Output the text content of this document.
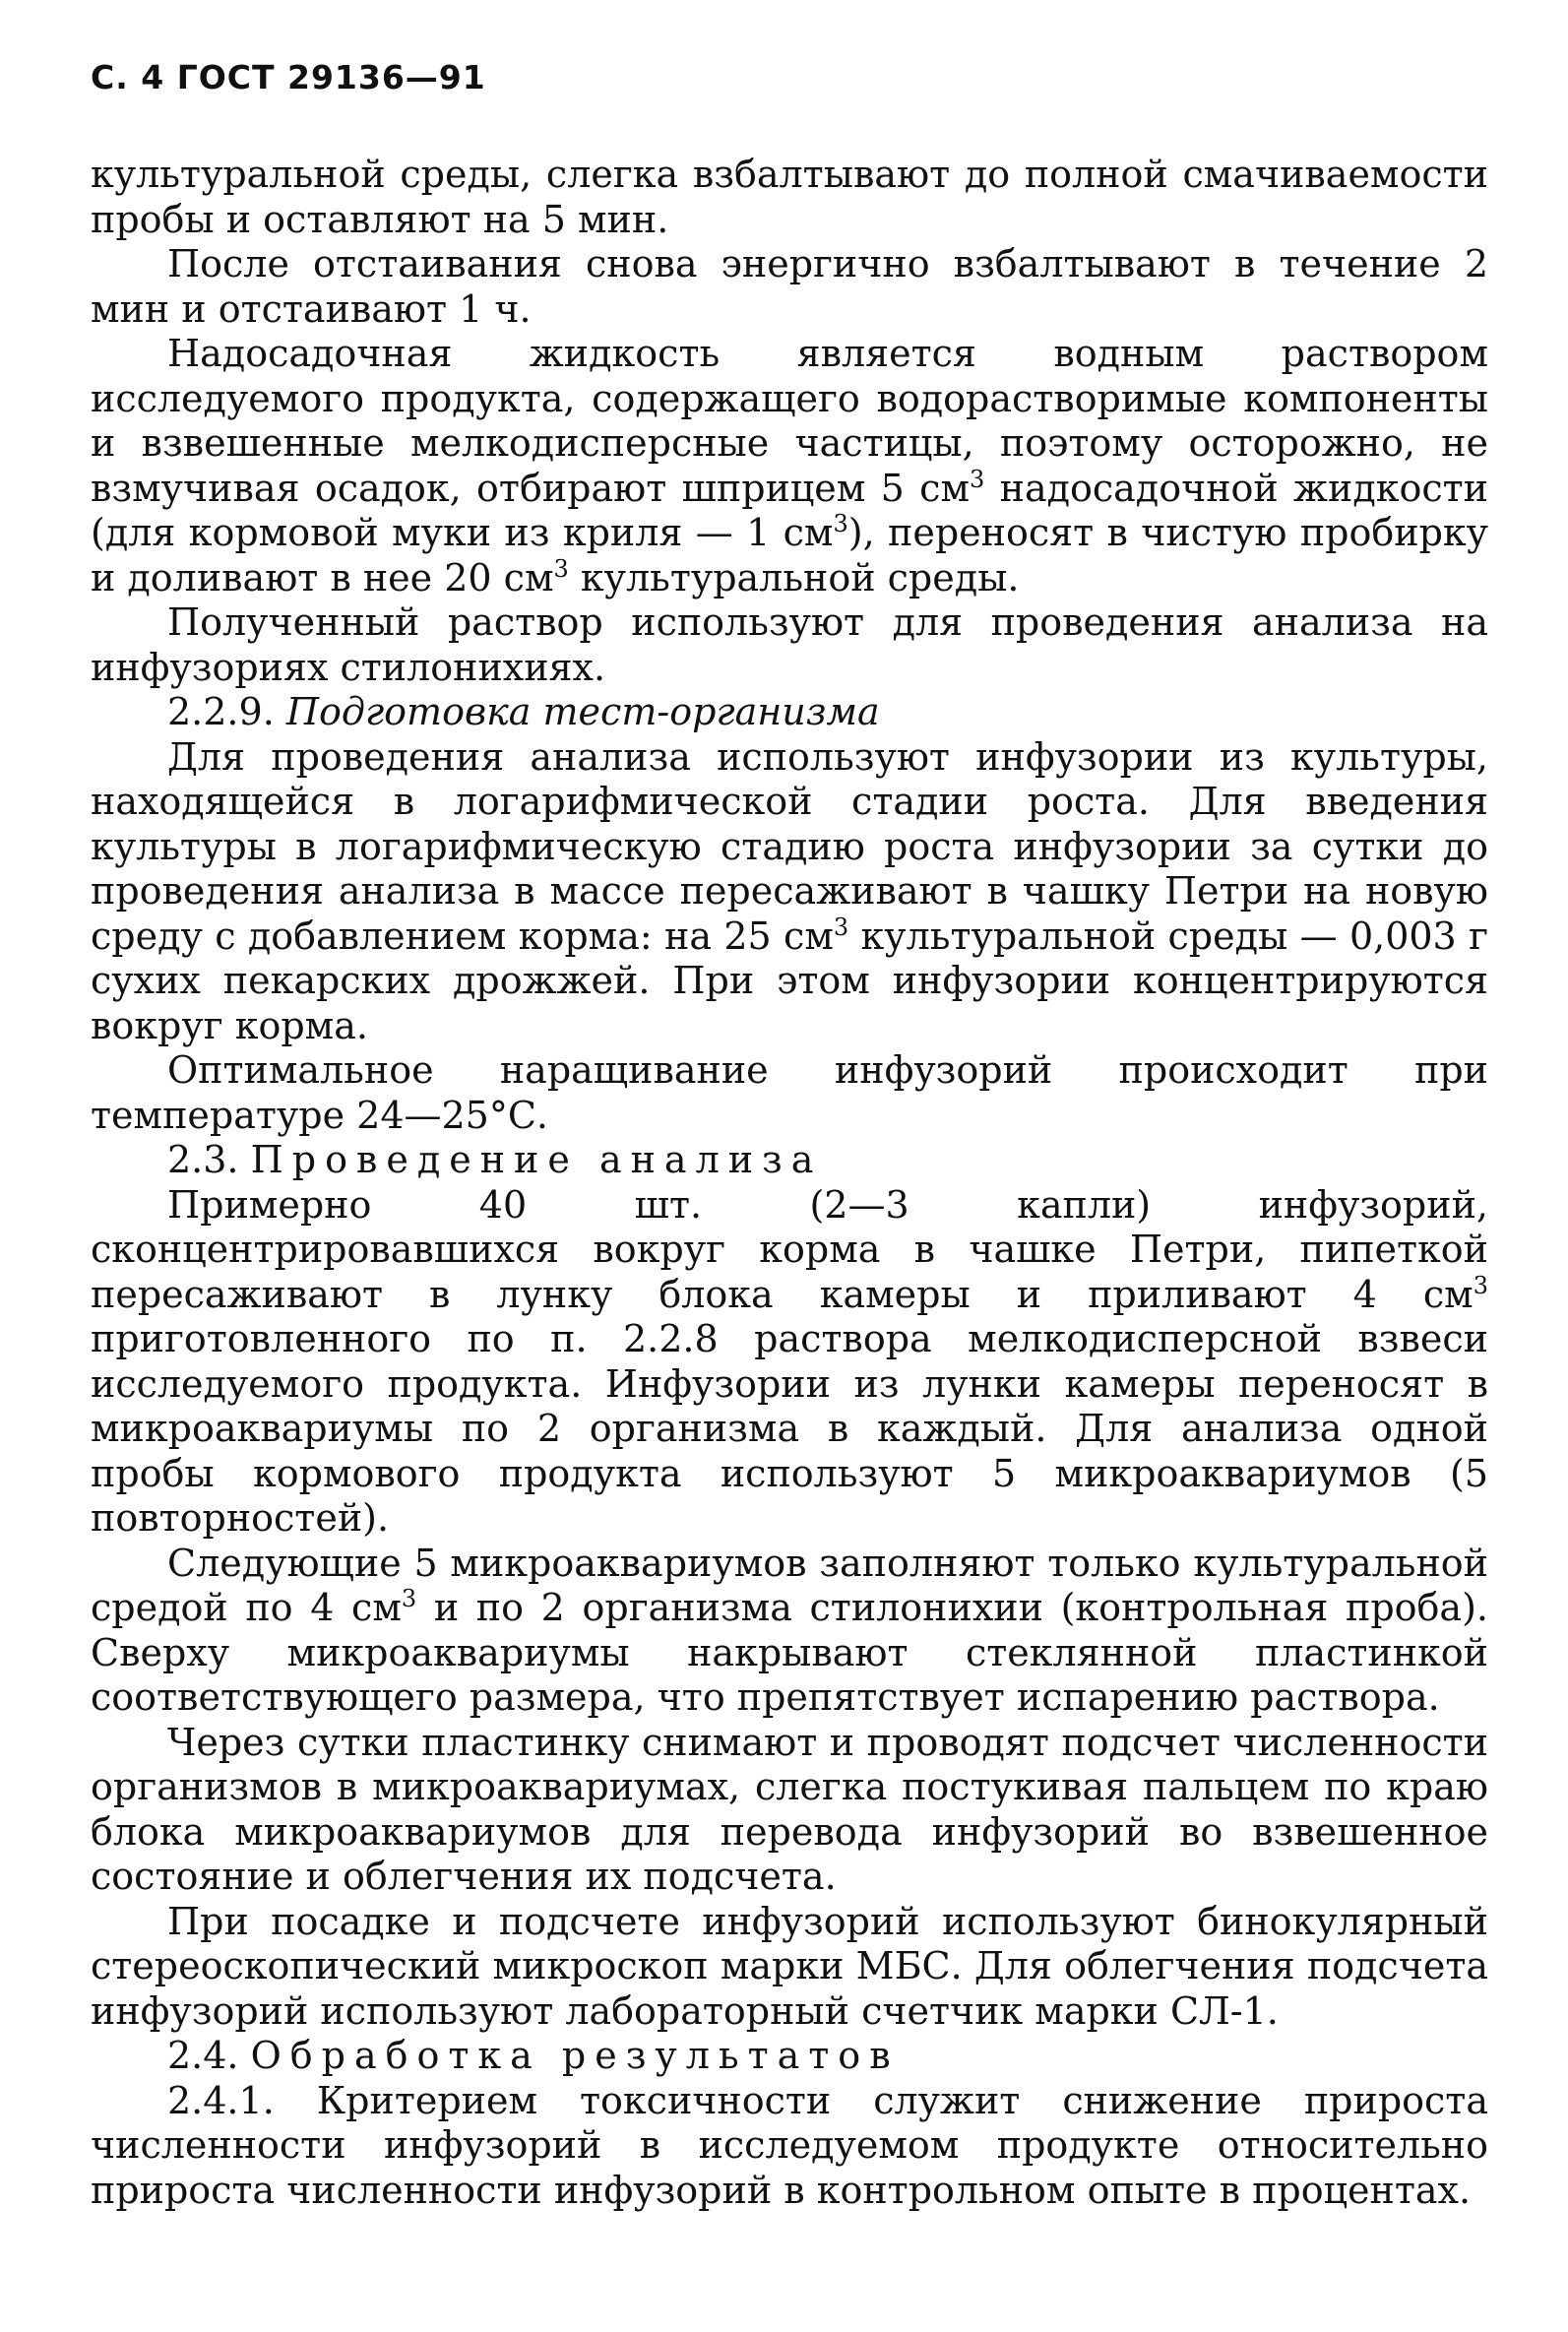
С. 4 ГОСТ 29136—91

культуральной среды, слегка взбалтывают до полной смачиваемости пробы и оставляют на 5 мин.

После отстаивания снова энергично взбалтывают в течение 2 мин и отстаивают 1 ч.

Надосадочная жидкость является водным раствором исследуемого продукта, содержащего водорастворимые компоненты и взвешенные мелкодисперсные частицы, поэтому осторожно, не взмучивая осадок, отбирают шприцем 5 $см^3$ надосадочной жидкости (для кормовой муки из криля — 1 $см^3$), переносят в чистую пробирку и доливают в нее 20 $см^3$ культуральной среды.

Полученный раствор используют для проведения анализа на инфузориях стилонихиях.

2.2.9. Подготовка тест-организма

Для проведения анализа используют инфузории из культуры, находящейся в логарифмической стадии роста. Для введения культуры в логарифмическую стадию роста инфузории за сутки до проведения анализа в массе пересаживают в чашку Петри на новую среду с добавлением корма: на 25 $см^3$ культуральной среды — 0,003 г сухих пекарских дрожжей. При этом инфузории концентрируются вокруг корма.

Оптимальное наращивание инфузорий происходит при температуре 24—25°С.

2.3. Проведение анализа

Примерно 40 шт. (2—3 капли) инфузорий, сконцентрировавшихся вокруг корма в чашке Петри, пипеткой пересаживают в лунку блока камеры и приливают 4 $см^3$ приготовленного по п. 2.2.8 раствора мелкодисперсной взвеси исследуемого продукта. Инфузории из лунки камеры переносят в микроаквариумы по 2 организма в каждый. Для анализа одной пробы кормового продукта используют 5 микроаквариумов (5 повторностей).

Следующие 5 микроаквариумов заполняют только культуральной средой по 4 $см^3$ и по 2 организма стилонихии (контрольная проба). Сверху микроаквариумы накрывают стеклянной пластинкой соответствующего размера, что препятствует испарению раствора.

Через сутки пластинку снимают и проводят подсчет численности организмов в микроаквариумах, слегка постукивая пальцем по краю блока микроаквариумов для перевода инфузорий во взвешенное состояние и облегчения их подсчета.

При посадке и подсчете инфузорий используют бинокулярный стереоскопический микроскоп марки МБС. Для облегчения подсчета инфузорий используют лабораторный счетчик марки СЛ-1.

2.4. Обработка результатов

2.4.1. Критерием токсичности служит снижение прироста численности инфузорий в исследуемом продукте относительно прироста численности инфузорий в контрольном опыте в процентах.
